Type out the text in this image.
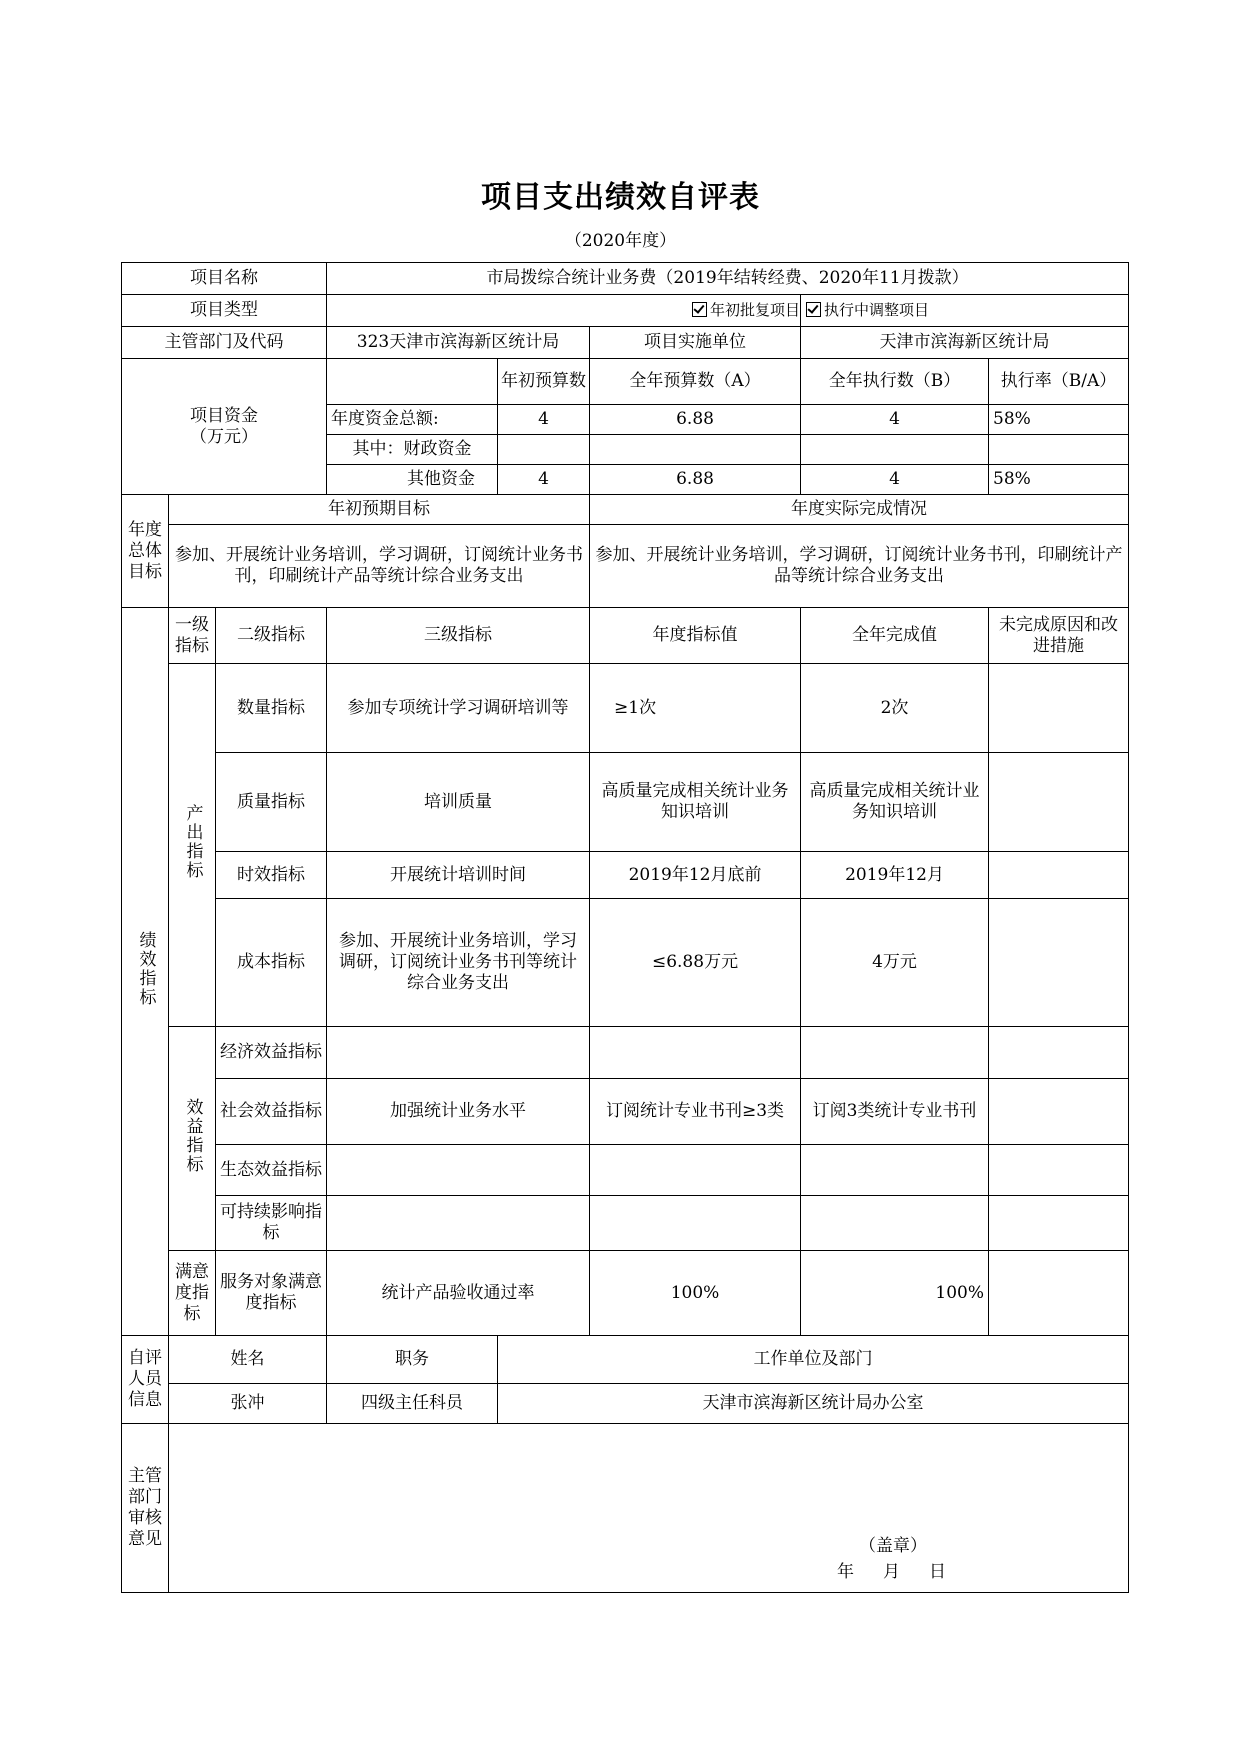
项目支出绩效自评表
（2020年度）
项目名称			市局拨综合统计业务费（2019年结转经费、2020年11月拨款）				
项目类型			年初批复项目			执行中调整项目	
主管部门及代码			323天津市滨海新区统计局		项目实施单位	天津市滨海新区统计局	
项目资金
（万元）				年初预算数	全年预算数（A）	全年执行数（B）	执行率（B/A）
			年度资金总额:	4	6.88	4	58%
			其中：财政资金				
			其他资金	4	6.88	4	58%
年度总体目标	年初预期目标				年度实际完成情况		
	参加、开展统计业务培训，学习调研，订阅统计业务书刊，印刷统计产品等统计综合业务支出				参加、开展统计业务培训，学习调研，订阅统计业务书刊，印刷统计产品等统计综合业务支出		
绩效指标	一级指标	二级指标	三级指标		年度指标值	全年完成值	未完成原因和改进措施
	产出指标	数量指标	参加专项统计学习调研培训等		≥1次	2次	
		质量指标	培训质量		高质量完成相关统计业务知识培训	高质量完成相关统计业务知识培训	
		时效指标	开展统计培训时间		2019年12月底前	2019年12月	
		成本指标	参加、开展统计业务培训，学习调研，订阅统计业务书刊等统计综合业务支出		≤6.88万元	4万元	
	效益指标	经济效益指标					
		社会效益指标	加强统计业务水平		订阅统计专业书刊≥3类	订阅3类统计专业书刊	
		生态效益指标					
		可持续影响指标					
	满意度指标	服务对象满意度指标	统计产品验收通过率		100%	100%	
自评人员信息	姓名		职务	工作单位及部门			
	张冲		四级主任科员	天津市滨海新区统计局办公室			
主管部门审核意见	（盖章）
年 月 日						
